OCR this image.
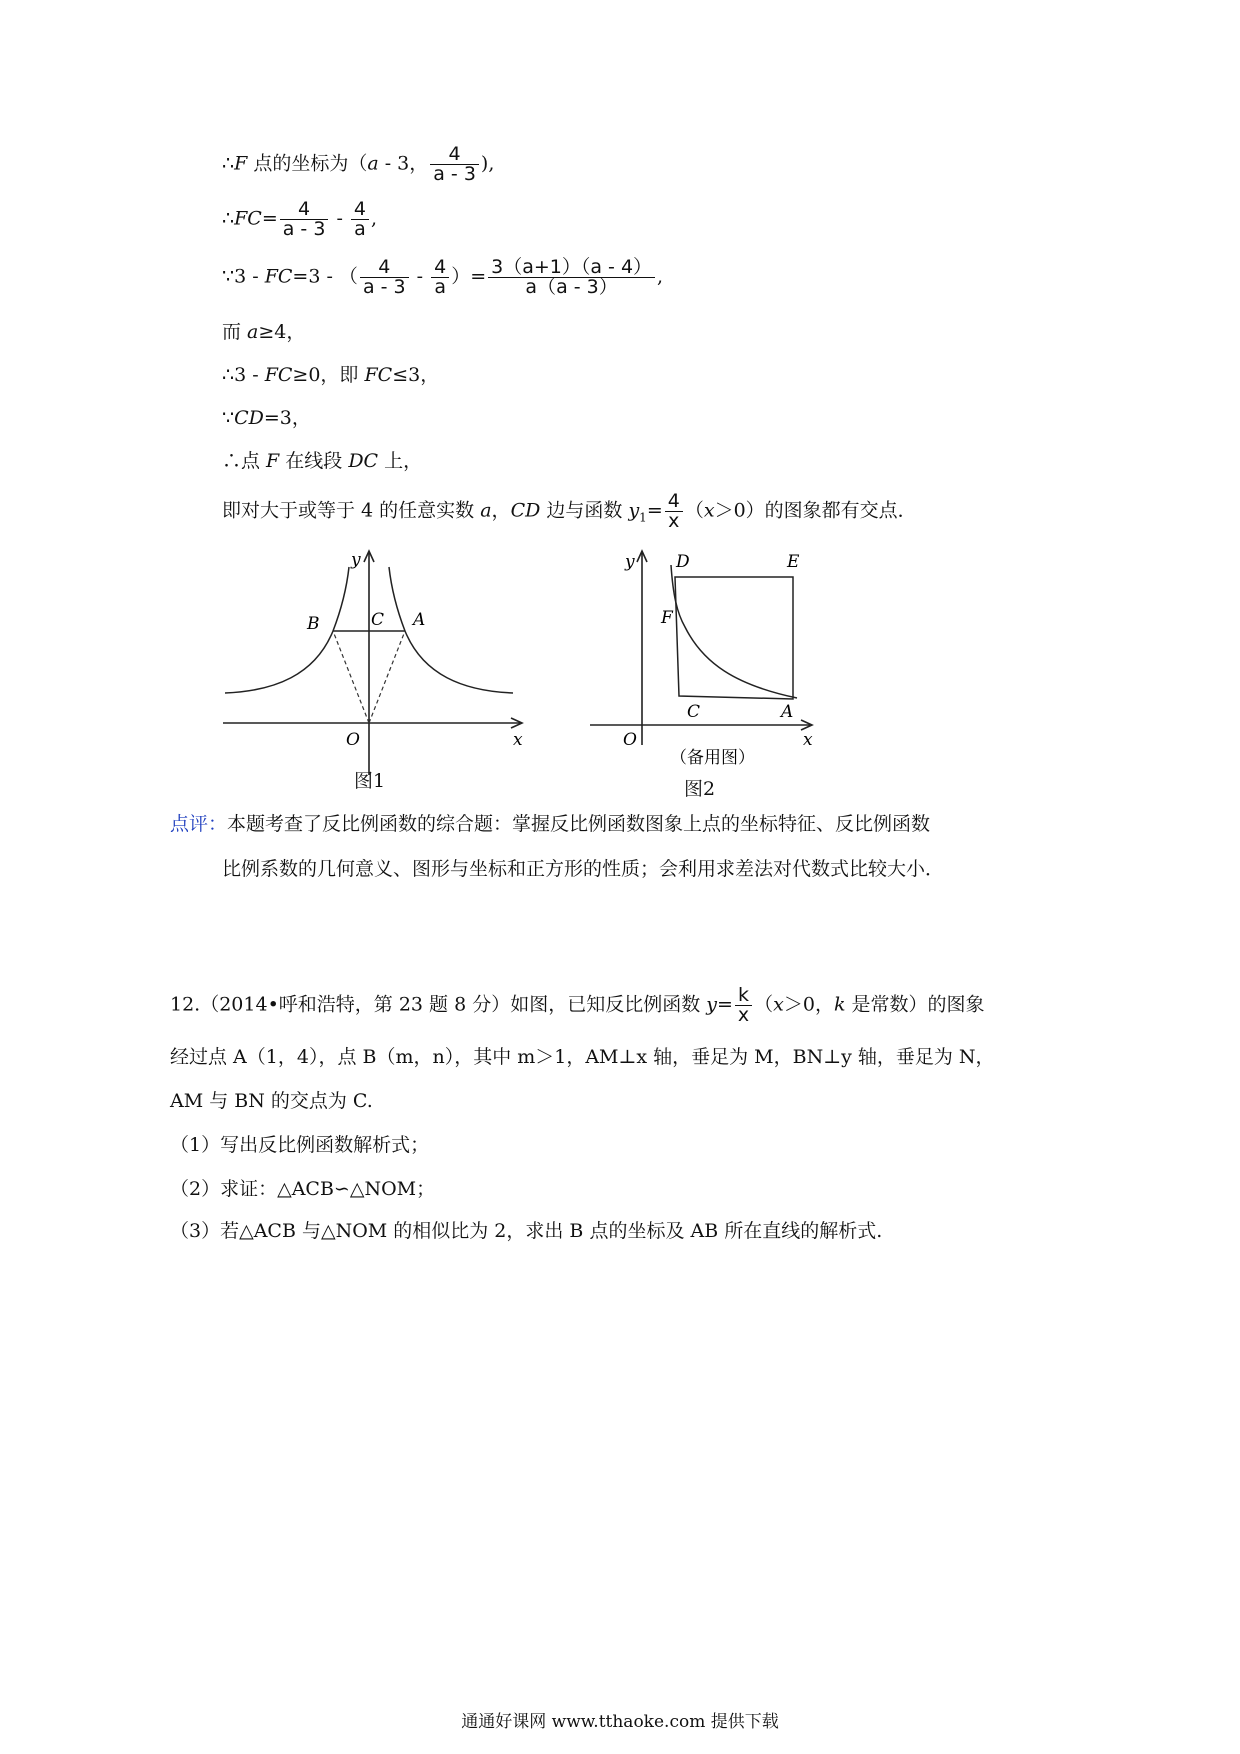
∴F 点的坐标为（a - 3， $\frac{4}{a - 3}$ ),
∴FC= $\frac{4}{a - 3} - \frac{4}{a}$ ,
∵3 - FC=3 - （ $\frac{4}{a - 3} - \frac{4}{a}$ ）= $\frac{3(a+1)(a - 4)}{a(a - 3)}$ ,
而 a≥4，
∴3 - FC≥0，即 FC≤3，
∵CD=3，
∴点 F 在线段 DC 上，
即对大于或等于 4 的任意实数 a，CD 边与函数 $y_1= \frac{4}{x} (x>0)$的图象都有交点．
y
x
O
B	C A
图1
y
x
O
D	E
F
C	A
（备用图）
图2
点评：本题考查了反比例函数的综合题：掌握反比例函数图象上点的坐标特征、反比例函数
比例系数的几何意义、图形与坐标和正方形的性质；会利用求差法对代数式比较大小．
12.（2014•呼和浩特，第 23 题 8 分）如图，已知反比例函数 $y= \frac{k}{x} (x>0$，k 是常数）的图象
经过点 A（1，4），点 B（m，n），其中 m＞1，AM⊥x 轴，垂足为 M，BN⊥y 轴，垂足为 N，
AM 与 BN 的交点为 C.
（1）写出反比例函数解析式；
（2）求证：△ACB∽△NOM；
（3）若△ACB 与△NOM 的相似比为 2，求出 B 点的坐标及 AB 所在直线的解析式.
通通好课网 www.tthaoke.com 提供下载
